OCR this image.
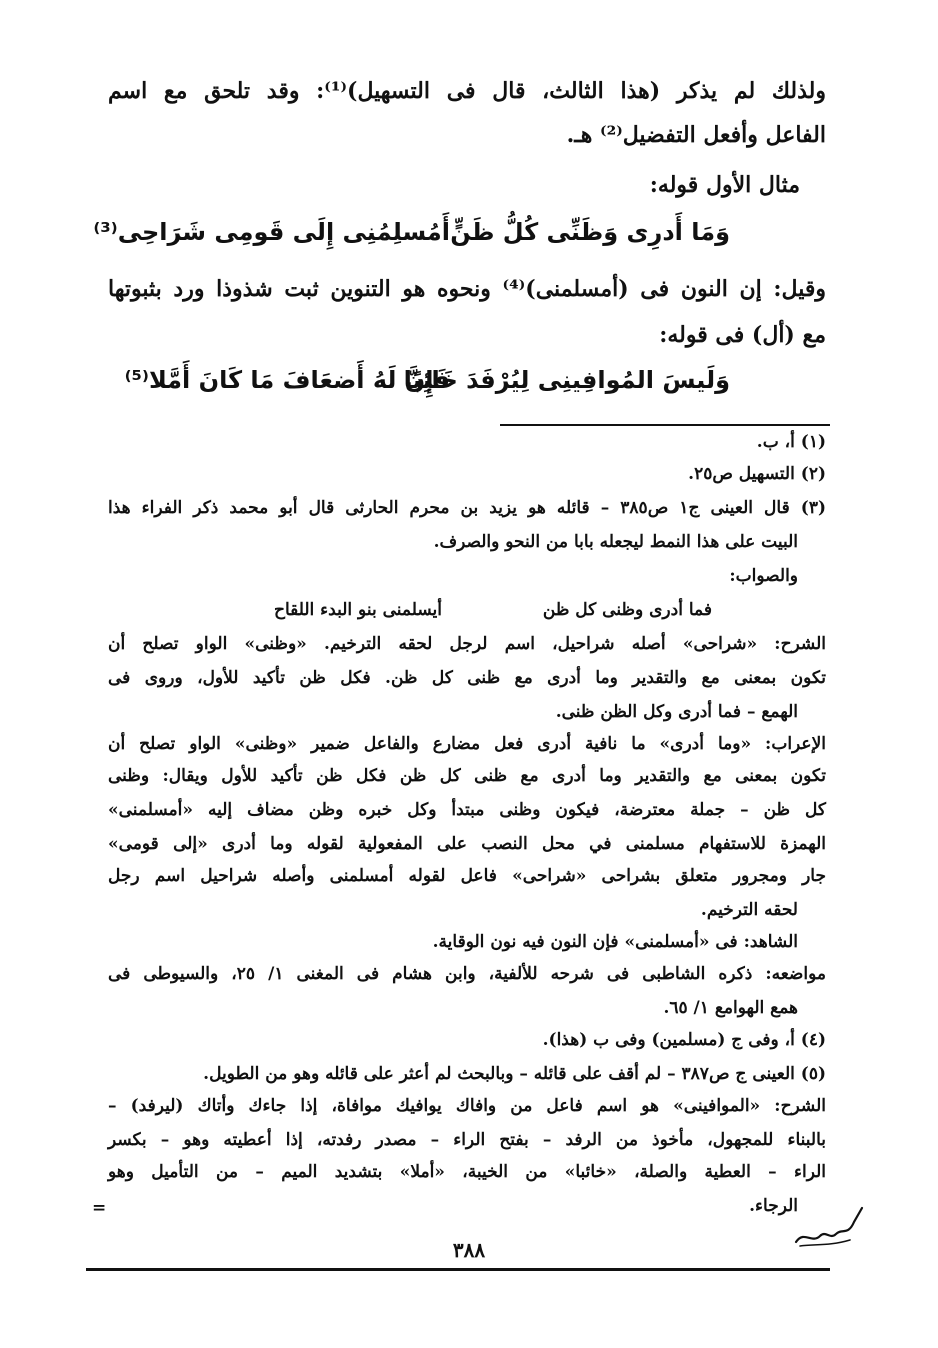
ولذلك لم يذكر (هذا الثالث، قال فى التسهيل)⁽¹⁾: وقد تلحق مع اسم
الفاعل وأفعل التفضيل⁽²⁾ هـ.
مثال الأول قوله:
وَمَا أَدرِى وَظَنِّى كُلُّ ظَنٍّ
أَمُسلِمُنِى إِلَى قَومِى شَرَاحِى⁽³⁾
وقيل: إن النون فى (أمسلمنى)⁽⁴⁾ ونحوه هو التنوين ثبت شذوذا ورد بثبوتها
مع (أل) فى قوله:
وَلَيسَ المُوافِينِى لِيُرْفَدَ خَائِبًا
فَإِنَّ لَهُ أَضعَافَ مَا كَانَ أَمَّلا⁽⁵⁾
(١) أ، ب.
(٢) التسهيل ص٢٥.
(٣) قال العينى ج١ ص٣٨٥ – قائله هو يزيد بن محرم الحارثى قال أبو محمد ذكر الفراء هذا
البيت على هذا النمط ليجعله بابا من النحو والصرف.
والصواب:
فما أدرى وظنى كل ظن
أيسلمنى بنو البدء اللقاح
الشرح: «شراحى» أصله شراحيل، اسم لرجل لحقه الترخيم. «وظنى» الواو تصلح أن
تكون بمعنى مع والتقدير وما أدرى مع ظنى كل ظن. فكل ظن تأكيد للأول، وروى فى
الهمع – فما أدرى وكل الظن ظنى.
الإعراب: «وما أدرى» ما نافية أدرى فعل مضارع والفاعل ضمير «وظنى» الواو تصلح أن
تكون بمعنى مع والتقدير وما أدرى مع ظنى كل ظن فكل ظن تأكيد للأول ويقال: وظنى
كل ظن – جملة معترضة، فيكون وظنى مبتدأ وكل خبره وظن مضاف إليه «أمسلمنى»
الهمزة للاستفهام مسلمنى في محل النصب على المفعولية لقوله وما أدرى «إلى قومى»
جار ومجرور متعلق بشراحى «شراحى» فاعل لقوله أمسلمنى وأصله شراحيل اسم رجل
لحقه الترخيم.
الشاهد: فى «أمسلمنى» فإن النون فيه نون الوقاية.
مواضعه: ذكره الشاطبى فى شرحه للألفية، وابن هشام فى المغنى ١/ ٢٥، والسيوطى فى
همع الهوامع ١/ ٦٥.
(٤) أ، وفى ج (مسلمين) وفى ب (هذا).
(٥) العينى ج ص٣٨٧ – لم أقف على قائله – وبالبحث لم أعثر على قائله وهو من الطويل.
الشرح: «الموافينى» هو اسم فاعل من وافاك يوافيك موافاة، إذا جاءك وأتاك (ليرفد) –
بالبناء للمجهول، مأخوذ من الرفد – بفتح الراء – مصدر رفدته، إذا أعطيته وهو – بكسر
الراء – العطية والصلة، «خائبا» من الخيبة، «أملا» بتشديد الميم – من التأميل وهو
الرجاء.
=
٣٨٨
